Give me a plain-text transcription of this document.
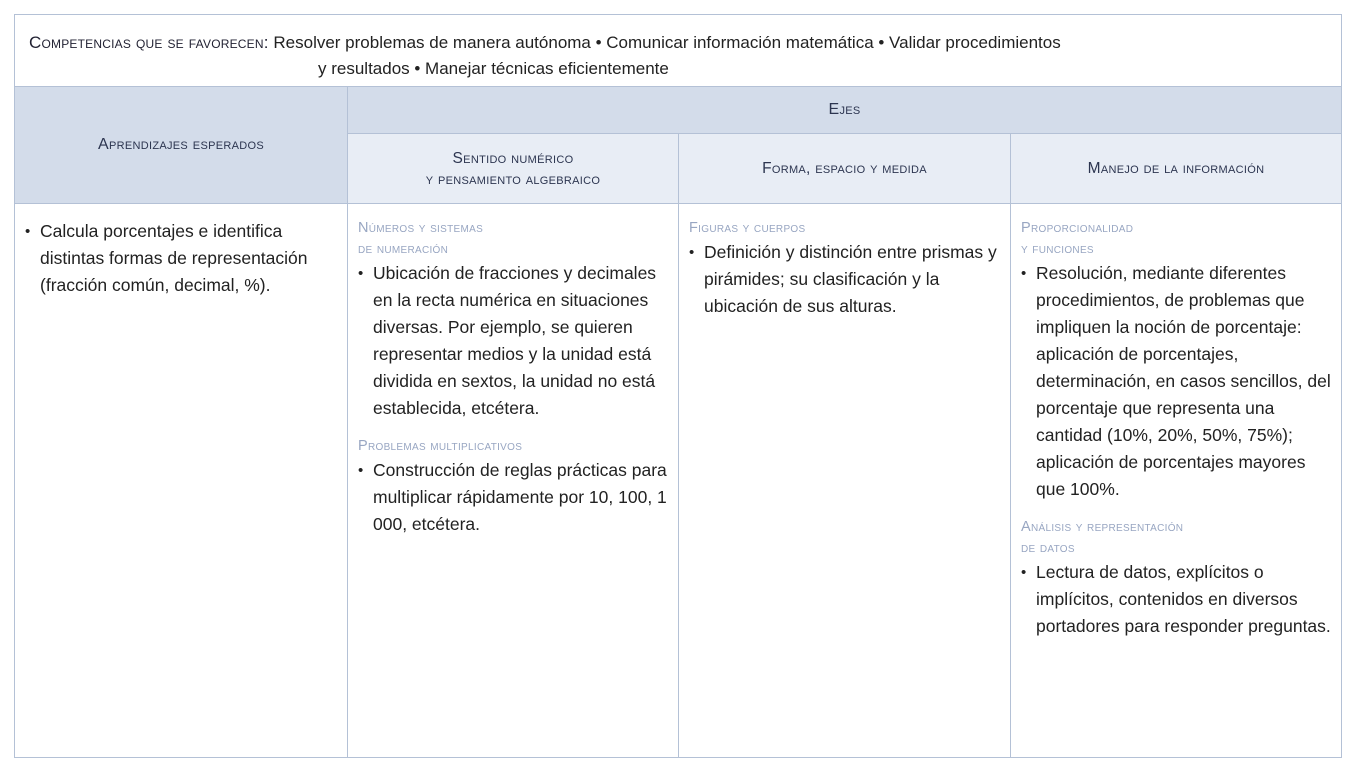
Competencias que se favorecen: Resolver problemas de manera autónoma • Comunicar información matemática • Validar procedimientos
y resultados • Manejar técnicas eficientemente
Aprendizajes esperados
Ejes
Sentido numérico
y pensamiento algebraico
Forma, espacio y medida	Manejo de la información
• Calcula porcentajes e identifica distintas formas de representación (fracción común, decimal, %).
Números y sistemas
de numeración
• Ubicación de fracciones y decimales en la recta numérica en situaciones diversas. Por ejemplo, se quieren representar medios y la unidad está dividida en sextos, la unidad no está establecida, etcétera.
Problemas multiplicativos
• Construcción de reglas prácticas para multiplicar rápidamente por 10, 100, 1 000, etcétera.
Figuras y cuerpos
• Definición y distinción entre prismas y pirámides; su clasificación y la ubicación de sus alturas.
Proporcionalidad
y funciones
• Resolución, mediante diferentes procedimientos, de problemas que impliquen la noción de porcentaje: aplicación de porcentajes, determinación, en casos sencillos, del porcentaje que representa una cantidad (10%, 20%, 50%, 75%); aplicación de porcentajes mayores que 100%.
Análisis y representación
de datos
• Lectura de datos, explícitos o implícitos, contenidos en diversos portadores para responder preguntas.
